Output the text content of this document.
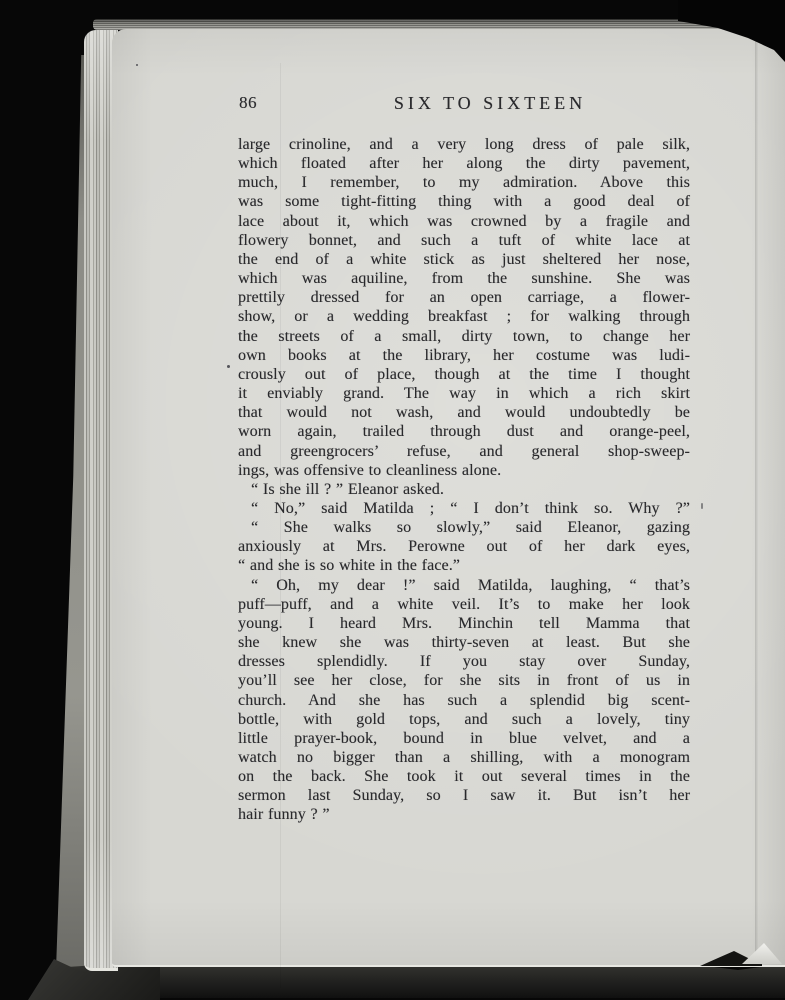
86	SIX TO SIXTEEN
large crinoline, and a very long dress of pale silk,
which floated after her along the dirty pavement,
much, I remember, to my admiration. Above this
was some tight-fitting thing with a good deal of
lace about it, which was crowned by a fragile and
flowery bonnet, and such a tuft of white lace at
the end of a white stick as just sheltered her nose,
which was aquiline, from the sunshine. She was
prettily dressed for an open carriage, a flower-
show, or a wedding breakfast ; for walking through
the streets of a small, dirty town, to change her
own books at the library, her costume was ludi-
crously out of place, though at the time I thought
it enviably grand. The way in which a rich skirt
that would not wash, and would undoubtedly be
worn again, trailed through dust and orange-peel,
and greengrocers’ refuse, and general shop-sweep-
ings, was offensive to cleanliness alone.
“ Is she ill ? ” Eleanor asked.
“ No,” said Matilda ; “ I don’t think so. Why ?”
“ She walks so slowly,” said Eleanor, gazing
anxiously at Mrs. Perowne out of her dark eyes,
“ and she is so white in the face.”
“ Oh, my dear !” said Matilda, laughing, “ that’s
puff—puff, and a white veil. It’s to make her look
young. I heard Mrs. Minchin tell Mamma that
she knew she was thirty-seven at least. But she
dresses splendidly. If you stay over Sunday,
you’ll see her close, for she sits in front of us in
church. And she has such a splendid big scent-
bottle, with gold tops, and such a lovely, tiny
little prayer-book, bound in blue velvet, and a
watch no bigger than a shilling, with a monogram
on the back. She took it out several times in the
sermon last Sunday, so I saw it. But isn’t her
hair funny ? ”
